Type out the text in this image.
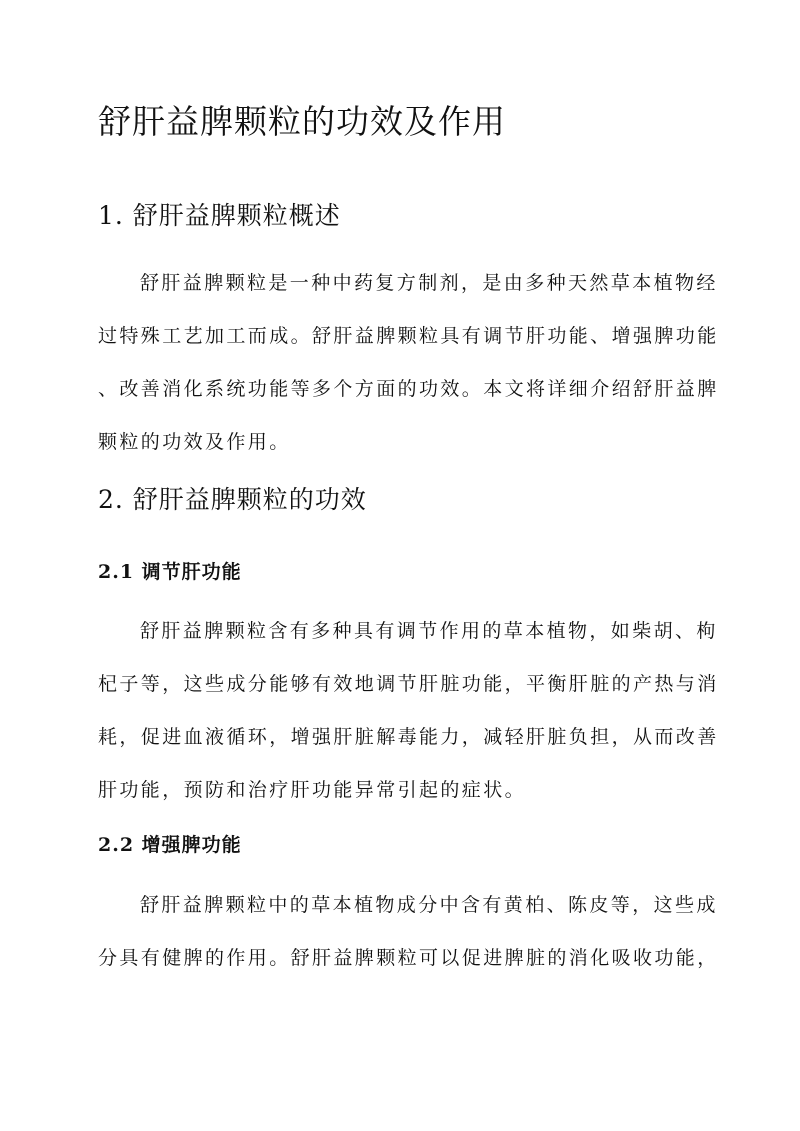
舒肝益脾颗粒的功效及作用
1. 舒肝益脾颗粒概述
舒肝益脾颗粒是一种中药复方制剂，是由多种天然草本植物经
过特殊工艺加工而成。舒肝益脾颗粒具有调节肝功能、增强脾功能
、改善消化系统功能等多个方面的功效。本文将详细介绍舒肝益脾
颗粒的功效及作用。
2. 舒肝益脾颗粒的功效
2.1 调节肝功能
舒肝益脾颗粒含有多种具有调节作用的草本植物，如柴胡、枸
杞子等，这些成分能够有效地调节肝脏功能，平衡肝脏的产热与消
耗，促进血液循环，增强肝脏解毒能力，减轻肝脏负担，从而改善
肝功能，预防和治疗肝功能异常引起的症状。
2.2 增强脾功能
舒肝益脾颗粒中的草本植物成分中含有黄柏、陈皮等，这些成
分具有健脾的作用。舒肝益脾颗粒可以促进脾脏的消化吸收功能，
